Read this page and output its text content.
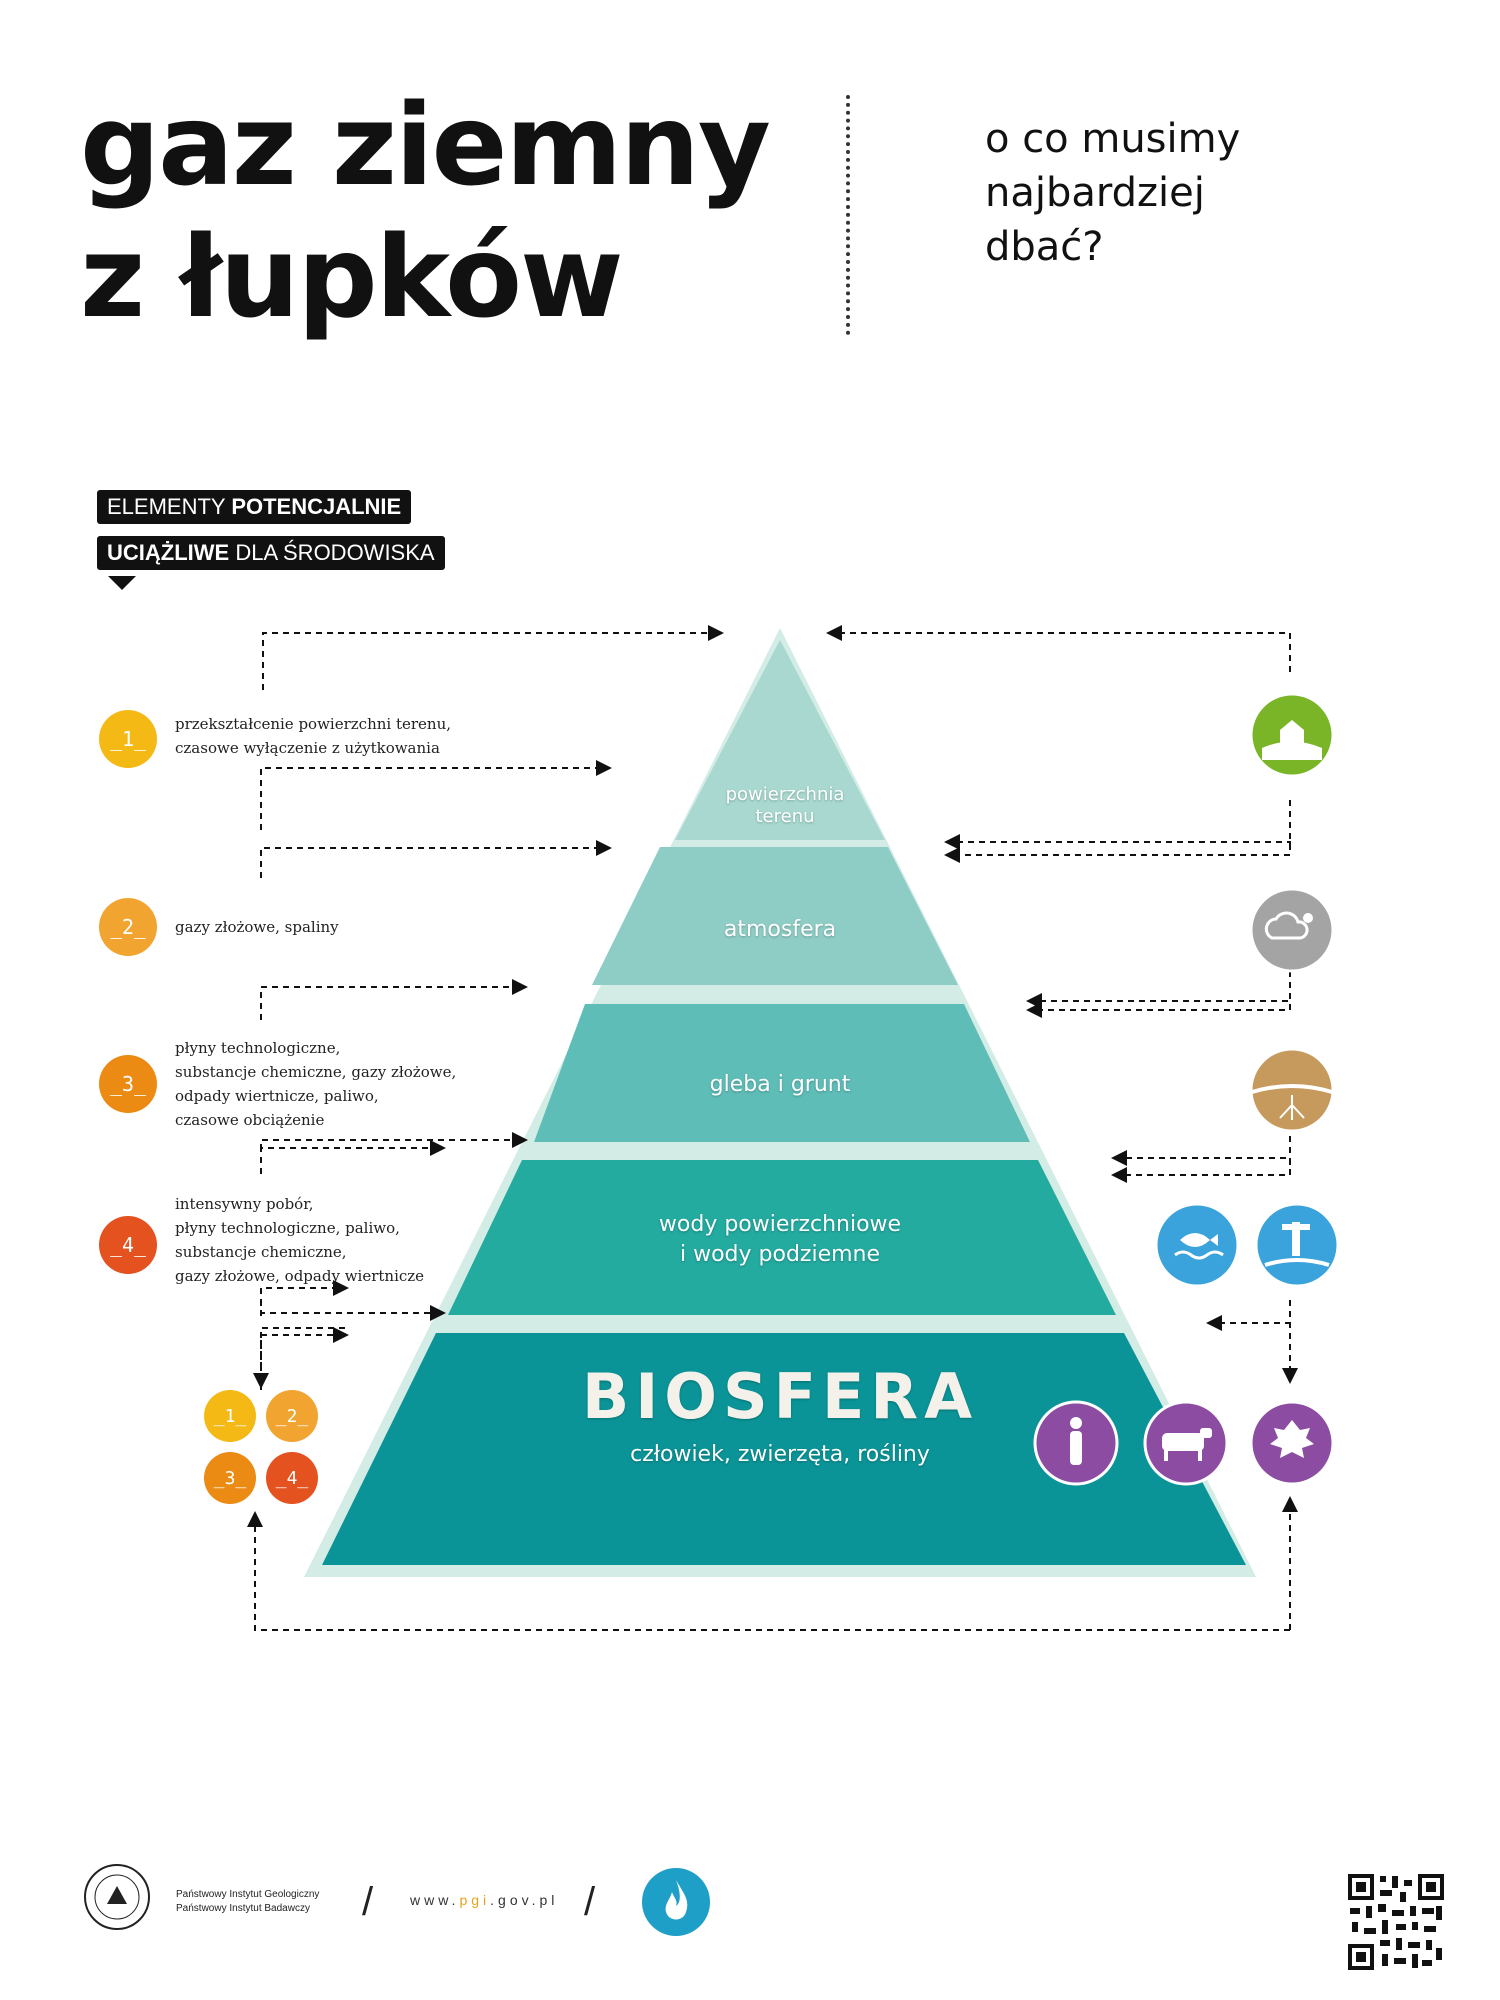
gaz ziemny
z łupków
o co musimy
najbardziej
dbać?
ELEMENTY POTENCJALNIE
UCIĄŻLIWE DLA ŚRODOWISKA
powierzchnia
terenu
atmosfera
gleba i grunt
wody powierzchniowe
i wody podziemne
BIOSFERA
człowiek, zwierzęta, rośliny
_1_
przekształcenie powierzchni terenu,
czasowe wyłączenie z użytkowania
_2_	gazy złożowe, spaliny
_3_
płyny technologiczne,
substancje chemiczne, gazy złożowe,
odpady wiertnicze, paliwo,
czasowe obciążenie
_4_
intensywny pobór,
płyny technologiczne, paliwo,
substancje chemiczne,
gazy złożowe, odpady wiertnicze
_1_	_2_
_3_	_4_
Państwowy Instytut Geologiczny
Państwowy Instytut Badawczy /	www.pgi.gov.pl /
